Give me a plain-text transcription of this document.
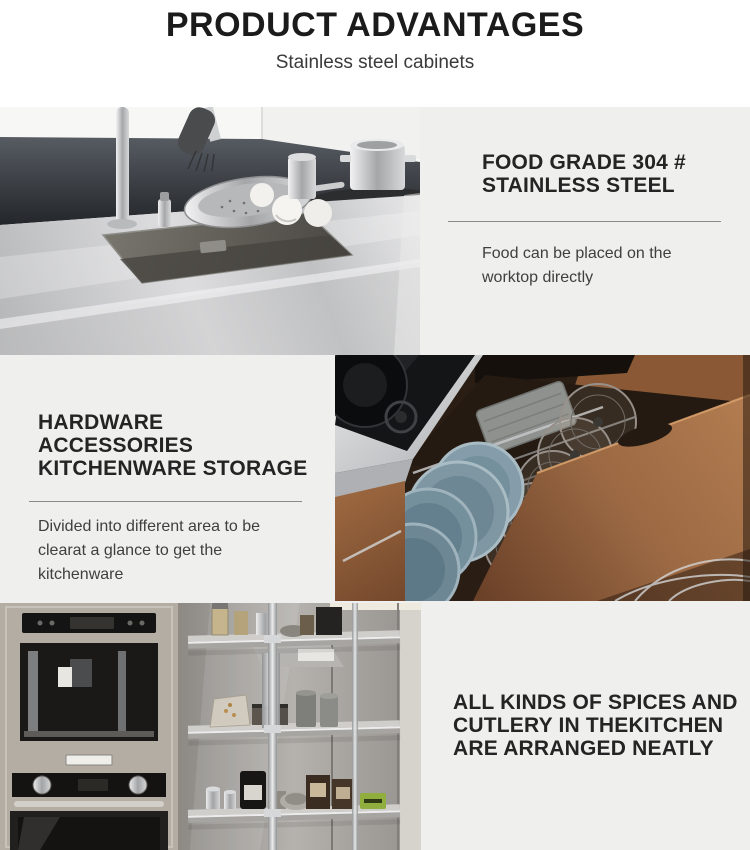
PRODUCT ADVANTAGES
Stainless steel cabinets
FOOD GRADE 304 # STAINLESS STEEL

Food can be placed on the worktop directly

HARDWARE ACCESSORIES KITCHENWARE STORAGE

Divided into different area to be clearat a glance to get the kitchenware

ALL KINDS OF SPICES AND CUTLERY IN THEKITCHEN ARE ARRANGED NEATLY
